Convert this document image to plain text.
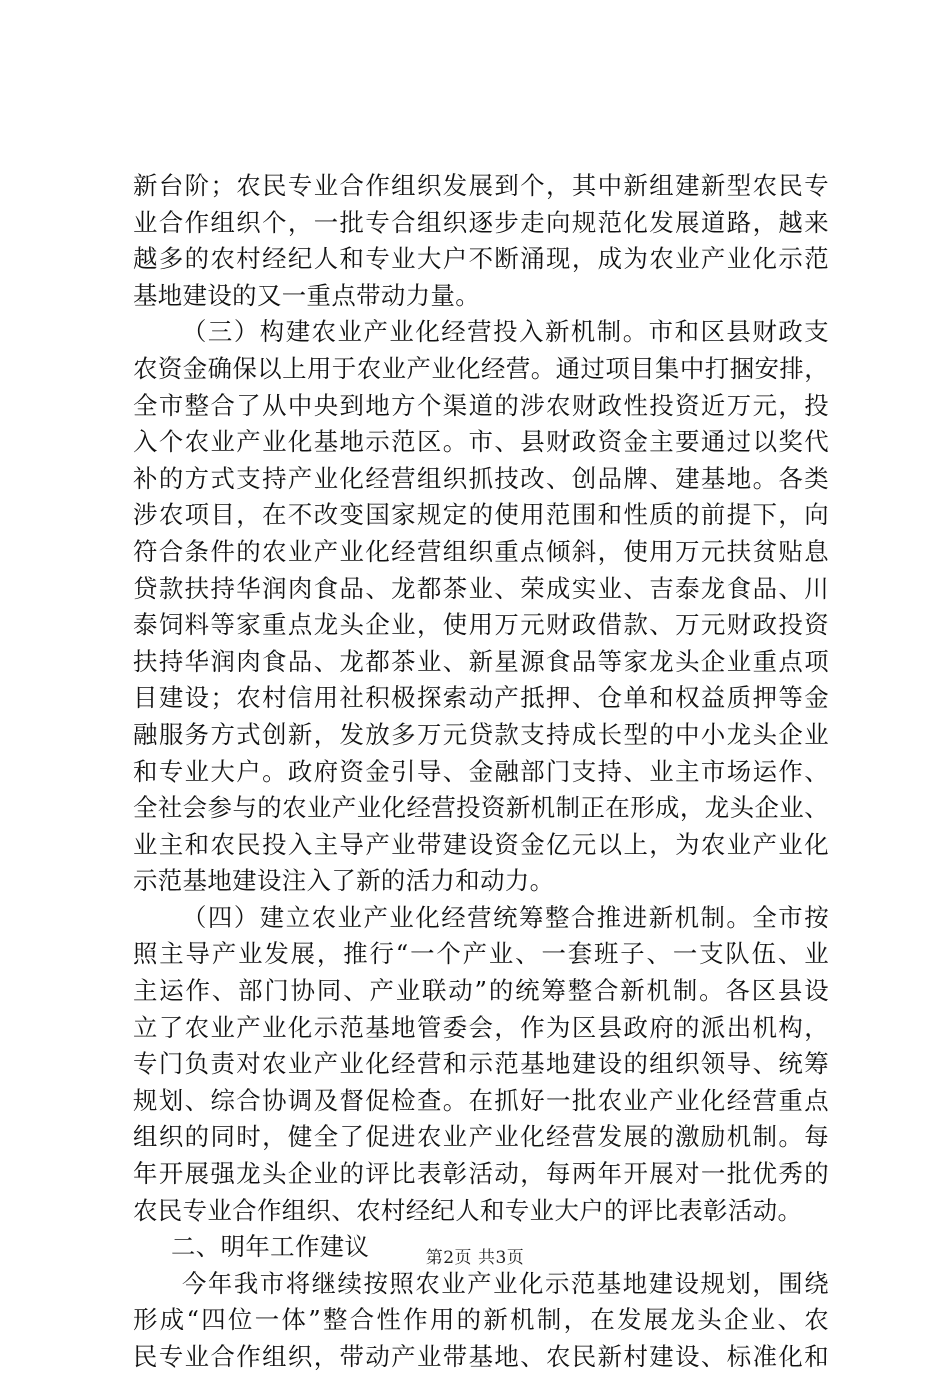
新台阶；农民专业合作组织发展到个，其中新组建新型农民专
业合作组织个，一批专合组织逐步走向规范化发展道路，越来
越多的农村经纪人和专业大户不断涌现，成为农业产业化示范
基地建设的又一重点带动力量。
（三）构建农业产业化经营投入新机制。市和区县财政支
农资金确保以上用于农业产业化经营。通过项目集中打捆安排，
全市整合了从中央到地方个渠道的涉农财政性投资近万元，投
入个农业产业化基地示范区。市、县财政资金主要通过以奖代
补的方式支持产业化经营组织抓技改、创品牌、建基地。各类
涉农项目，在不改变国家规定的使用范围和性质的前提下，向
符合条件的农业产业化经营组织重点倾斜，使用万元扶贫贴息
贷款扶持华润肉食品、龙都茶业、荣成实业、吉泰龙食品、川
泰饲料等家重点龙头企业，使用万元财政借款、万元财政投资
扶持华润肉食品、龙都茶业、新星源食品等家龙头企业重点项
目建设；农村信用社积极探索动产抵押、仓单和权益质押等金
融服务方式创新，发放多万元贷款支持成长型的中小龙头企业
和专业大户。政府资金引导、金融部门支持、业主市场运作、
全社会参与的农业产业化经营投资新机制正在形成，龙头企业、
业主和农民投入主导产业带建设资金亿元以上，为农业产业化
示范基地建设注入了新的活力和动力。
（四）建立农业产业化经营统筹整合推进新机制。全市按
照主导产业发展，推行“一个产业、一套班子、一支队伍、业
主运作、部门协同、产业联动”的统筹整合新机制。各区县设
立了农业产业化示范基地管委会，作为区县政府的派出机构，
专门负责对农业产业化经营和示范基地建设的组织领导、统筹
规划、综合协调及督促检查。在抓好一批农业产业化经营重点
组织的同时，健全了促进农业产业化经营发展的激励机制。每
年开展强龙头企业的评比表彰活动，每两年开展对一批优秀的
农民专业合作组织、农村经纪人和专业大户的评比表彰活动。
二、明年工作建议
今年我市将继续按照农业产业化示范基地建设规划，围绕
形成“四位一体”整合性作用的新机制，在发展龙头企业、农
民专业合作组织，带动产业带基地、农民新村建设、标准化和
第2页 共3页
